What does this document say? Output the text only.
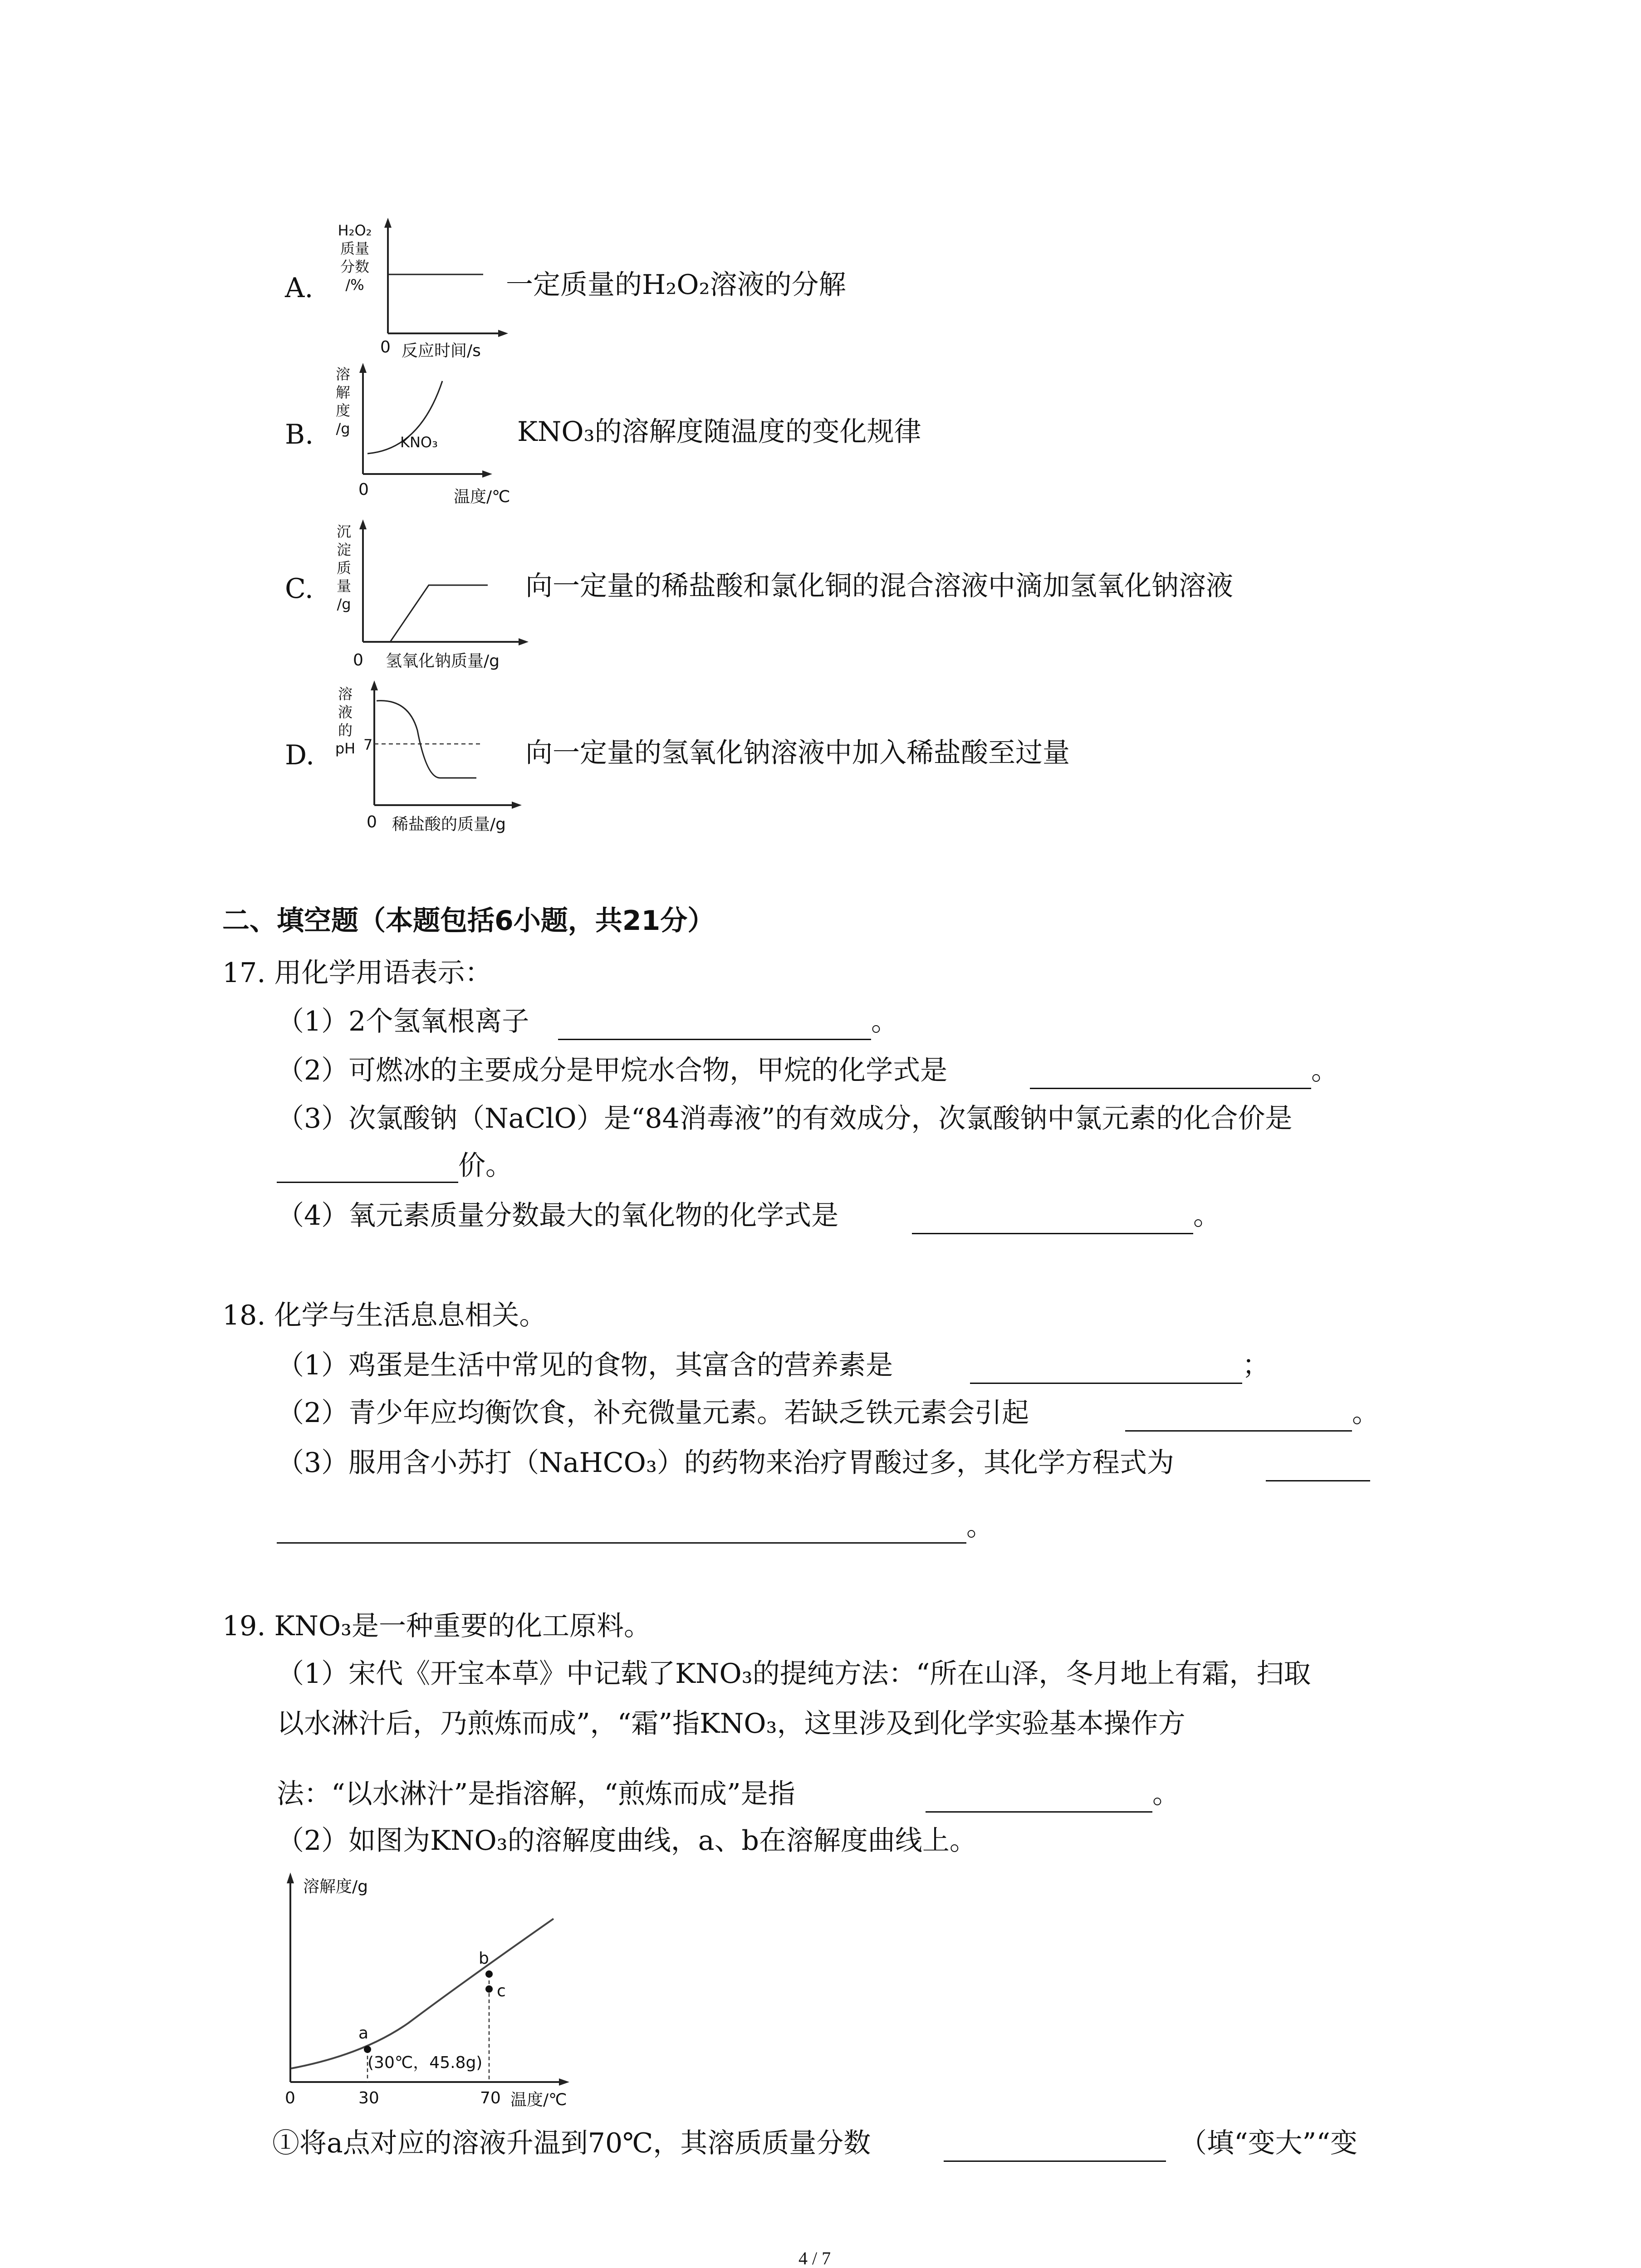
A.
H₂O₂
质量
分数
/%
0 反应时间/s
一定质量的H₂O₂溶液的分解
B.
溶
解
度
/g
KNO₃
0	温度/℃
KNO₃的溶解度随温度的变化规律
C.
沉
淀
质
量
/g
0 氢氧化钠质量/g
向一定量的稀盐酸和氯化铜的混合溶液中滴加氢氧化钠溶液
D.
溶
液
的
pH 7
0 稀盐酸的质量/g
向一定量的氢氧化钠溶液中加入稀盐酸至过量
二、填空题（本题包括6小题，共21分）
17. 用化学用语表示：
（1）2个氢氧根离子	。
（2）可燃冰的主要成分是甲烷水合物，甲烷的化学式是	。
（3）次氯酸钠（NaClO）是“84消毒液”的有效成分，次氯酸钠中氯元素的化合价是
价。
（4）氧元素质量分数最大的氧化物的化学式是	。
18. 化学与生活息息相关。
（1）鸡蛋是生活中常见的食物，其富含的营养素是	；
（2）青少年应均衡饮食，补充微量元素。若缺乏铁元素会引起	。
（3）服用含小苏打（NaHCO₃）的药物来治疗胃酸过多，其化学方程式为
。
19. KNO₃是一种重要的化工原料。
（1）宋代《开宝本草》中记载了KNO₃的提纯方法：“所在山泽，冬月地上有霜，扫取
以水淋汁后，乃煎炼而成”，“霜”指KNO₃，这里涉及到化学实验基本操作方
法：“以水淋汁”是指溶解，“煎炼而成”是指	。
（2）如图为KNO₃的溶解度曲线，a、b在溶解度曲线上。
溶解度/g
a
b
c
(30℃，45.8g)
0	30	70 温度/℃
①将a点对应的溶液升温到70℃，其溶质质量分数	（填“变大”“变
4 / 7
